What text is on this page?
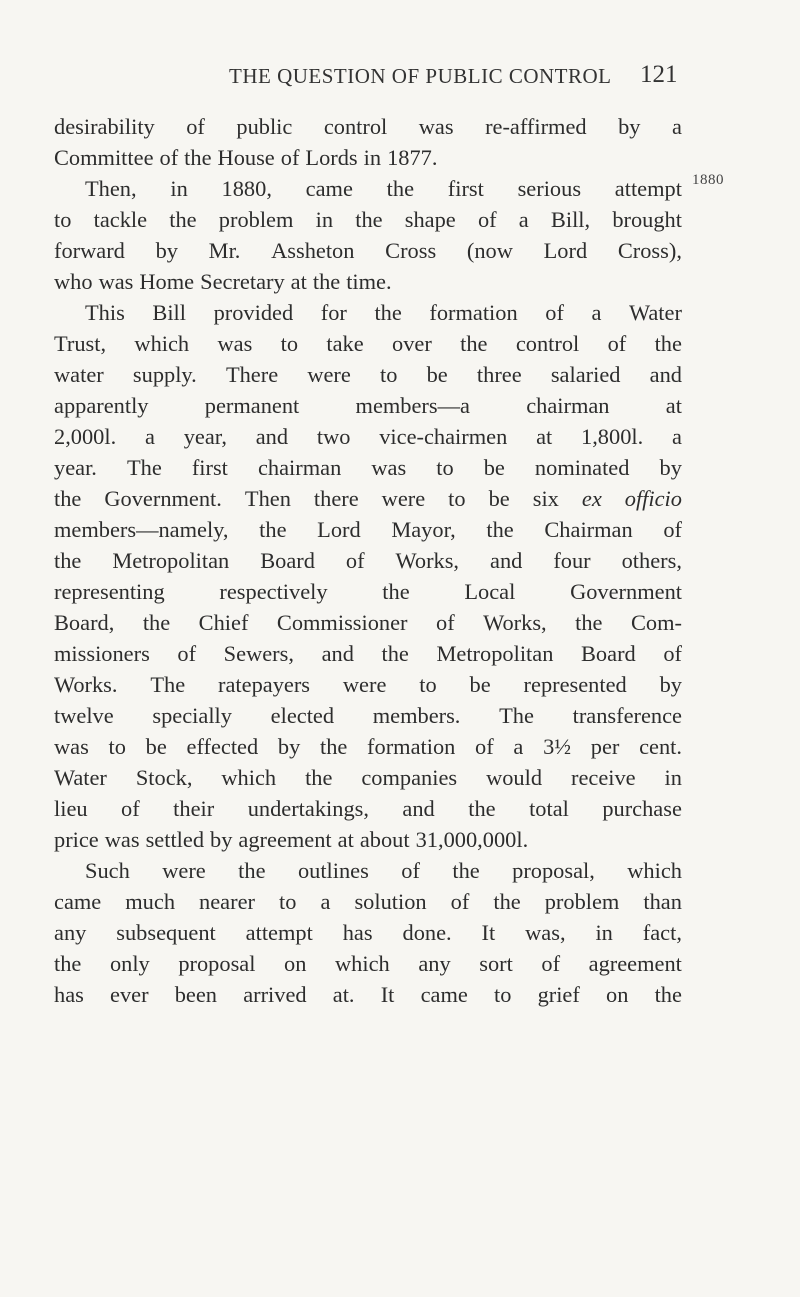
THE QUESTION OF PUBLIC CONTROL 121
1880
desirability of public control was re-affirmed by a
Committee of the House of Lords in 1877.
Then, in 1880, came the first serious attempt
to tackle the problem in the shape of a Bill, brought
forward by Mr. Assheton Cross (now Lord Cross),
who was Home Secretary at the time.
This Bill provided for the formation of a Water
Trust, which was to take over the control of the
water supply. There were to be three salaried and
apparently	permanent	members—a	chairman	at
2,000l. a year, and two vice-chairmen at 1,800l. a
year. The first chairman was to be nominated by
the Government. Then there were to be six ex officio
members—namely, the Lord Mayor, the Chairman of
the Metropolitan Board of Works, and four others,
representing respectively the Local Government
Board, the Chief Commissioner of Works, the Com-
missioners of Sewers, and the Metropolitan Board of
Works. The ratepayers were to be represented by
twelve specially elected members. The transference
was to be effected by the formation of a 3½ per cent.
Water Stock, which the companies would receive in
lieu of their undertakings, and the total purchase
price was settled by agreement at about 31,000,000l.
Such were the outlines of the proposal, which
came much nearer to a solution of the problem than
any subsequent attempt has done. It was, in fact,
the only proposal on which any sort of agreement
has ever been arrived at. It came to grief on the
